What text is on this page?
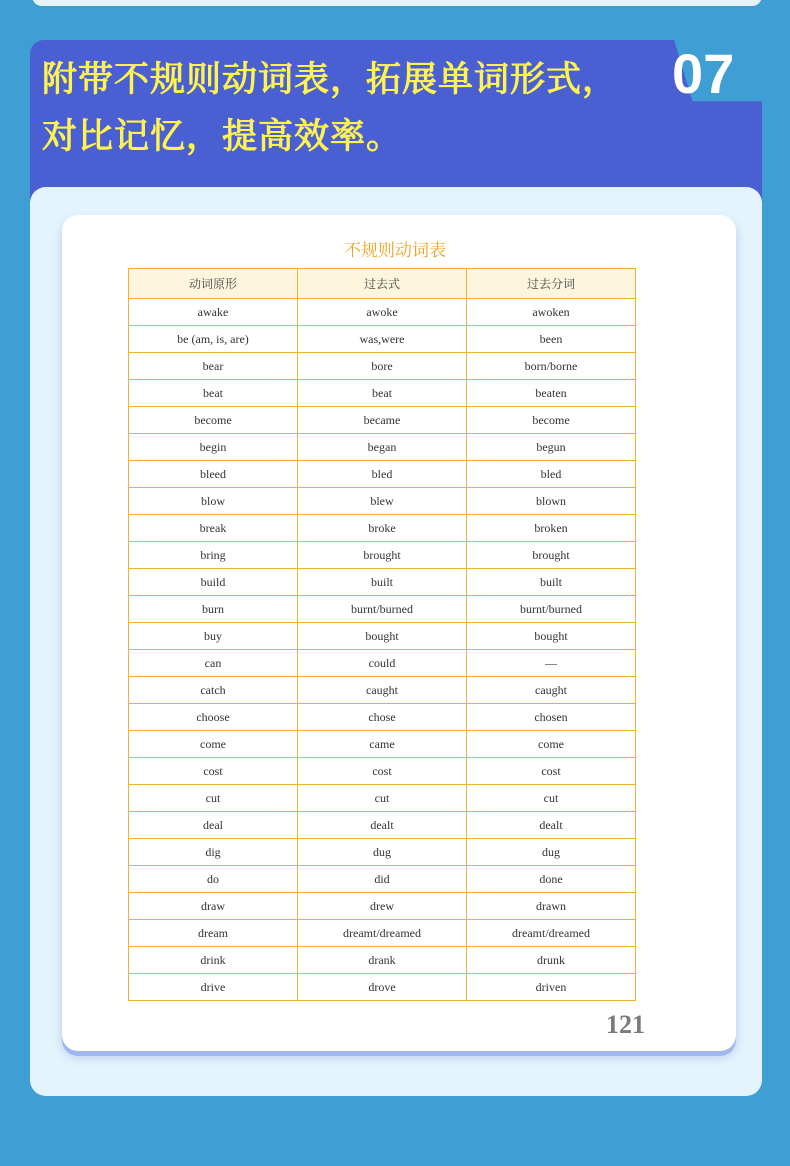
附带不规则动词表，拓展单词形式，
对比记忆，提高效率。
07
不规则动词表
动词原形	过去式	过去分词
awake	awoke	awoken
be (am, is, are)	was,were	been
bear	bore	born/borne
beat	beat	beaten
become	became	become
begin	began	begun
bleed	bled	bled
blow	blew	blown
break	broke	broken
bring	brought	brought
build	built	built
burn	burnt/burned	burnt/burned
buy	bought	bought
can	could	—
catch	caught	caught
choose	chose	chosen
come	came	come
cost	cost	cost
cut	cut	cut
deal	dealt	dealt
dig	dug	dug
do	did	done
draw	drew	drawn
dream	dreamt/dreamed	dreamt/dreamed
drink	drank	drunk
drive	drove	driven
121
